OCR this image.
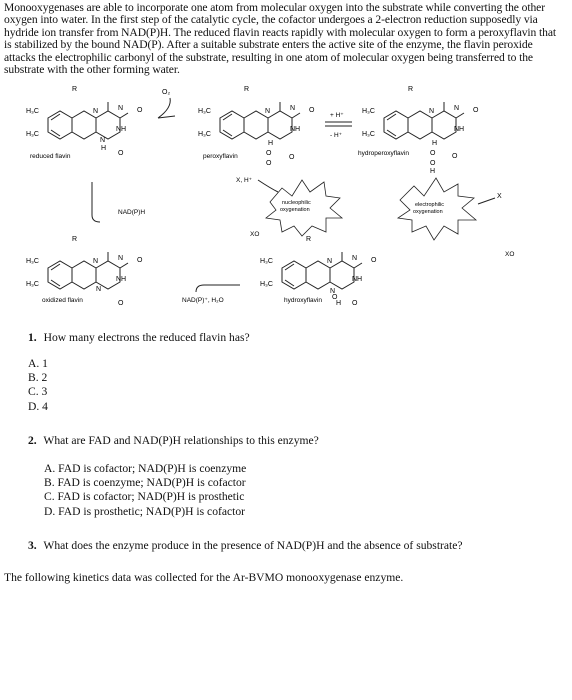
Monooxygenases are able to incorporate one atom from molecular oxygen into the substrate while converting the other oxygen into water. In the first step of the catalytic cycle, the cofactor undergoes a 2-electron reduction supposedly via hydride ion transfer from NAD(P)H. The reduced flavin reacts rapidly with molecular oxygen to form a peroxyflavin that is stabilized by the bound NAD(P). After a suitable substrate enters the active site of the enzyme, the flavin peroxide attacks the electrophilic carbonyl of the substrate, resulting in one atom of molecular oxygen being transferred to the substrate with the other forming water.
R
H₃C
H₃C
N	N O
NH
N
H
O
reduced flavin
O₂	R
H₃C
H₃C
N	N O
NH
H
O
O
O
peroxyflavin
+ H⁺
- H⁺
R
H₃C
H₃C
N	N O
NH
H
O
O
H
O
hydroperoxyflavin
X, H⁺
nucleophilic
oxygenation
XO
electrophilic
oxygenation
X
XO
NAD(P)H
R
H₃C
H₃C
N	N O
NH
N
O
oxidized flavin	NAD(P)⁺, H₂O
R
H₃C
H₃C
N	N O
NH
N
O
H O
hydroxyflavin
1. How many electrons the reduced flavin has?
A. 1
B. 2
C. 3
D. 4
2. What are FAD and NAD(P)H relationships to this enzyme?
A. FAD is cofactor; NAD(P)H is coenzyme
B. FAD is coenzyme; NAD(P)H is cofactor
C. FAD is cofactor; NAD(P)H is prosthetic
D. FAD is prosthetic; NAD(P)H is cofactor
3. What does the enzyme produce in the presence of NAD(P)H and the absence of substrate?
The following kinetics data was collected for the Ar-BVMO monooxygenase enzyme.
